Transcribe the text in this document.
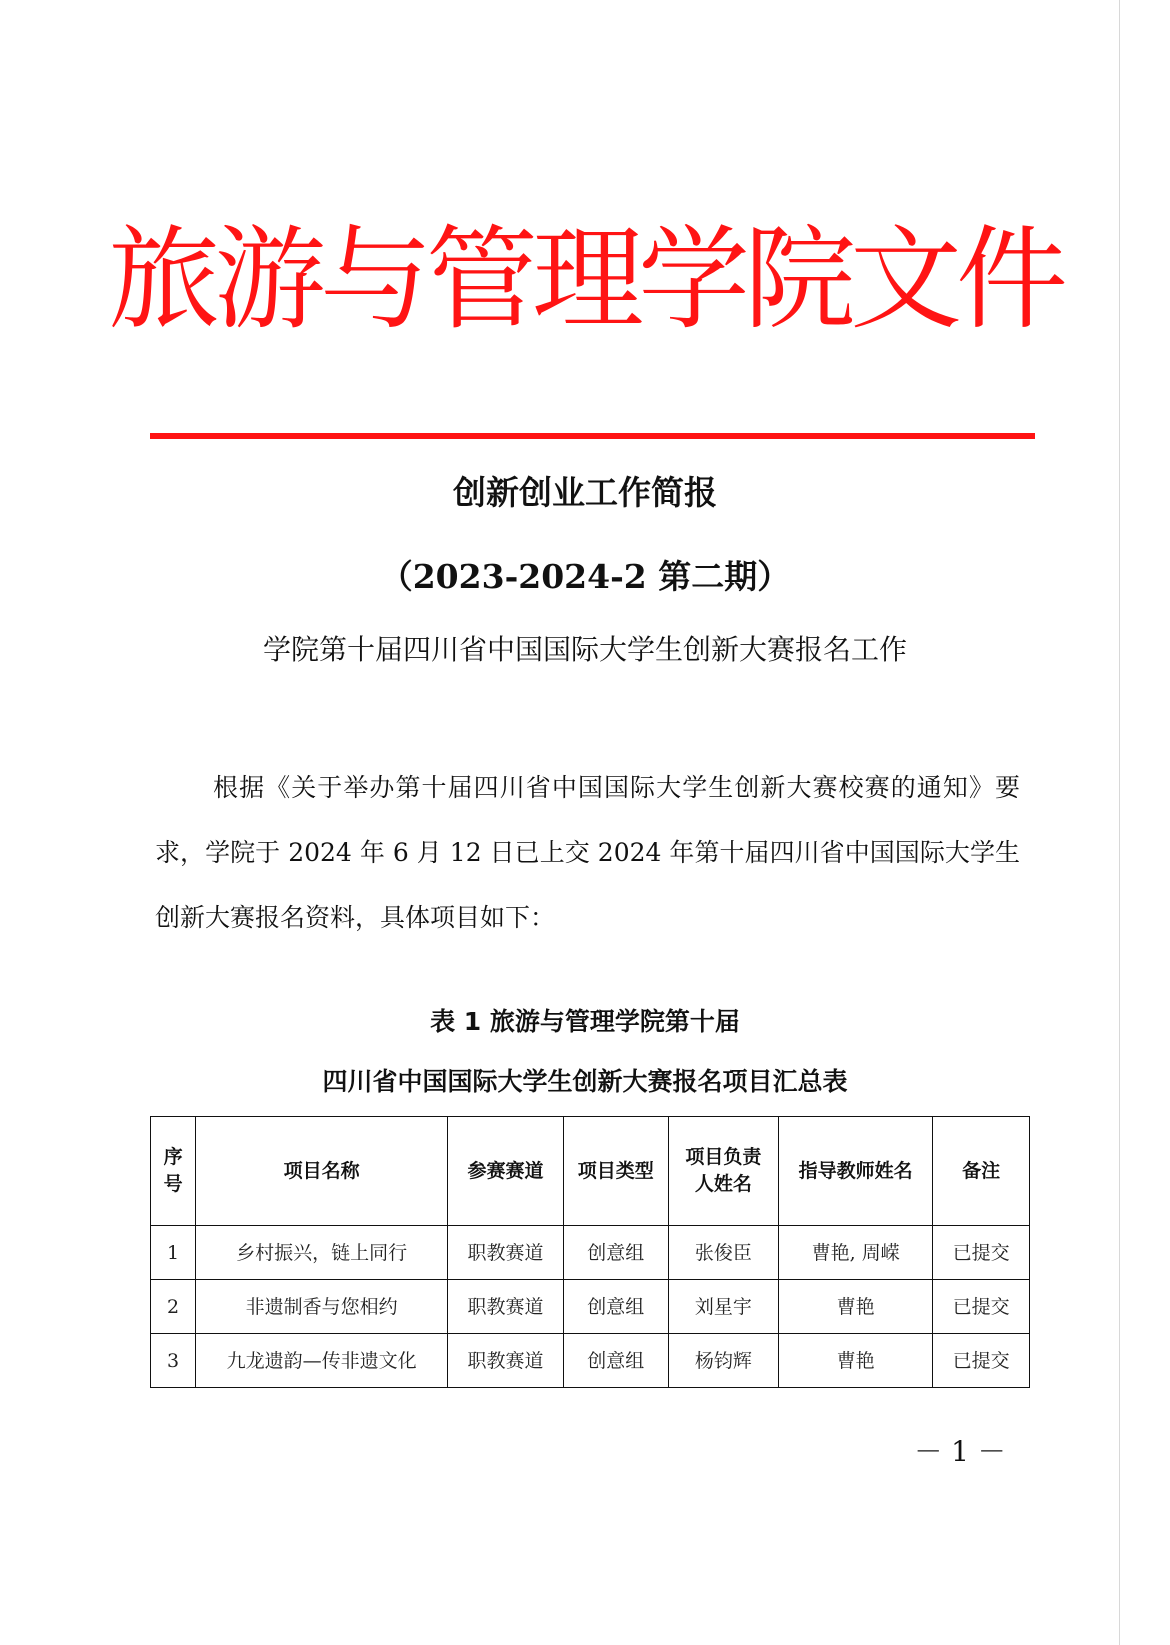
旅游与管理学院文件
创新创业工作简报
（2023-2024-2 第二期）
学院第十届四川省中国国际大学生创新大赛报名工作
根据《关于举办第十届四川省中国国际大学生创新大赛校赛的通知》要求，学院于 2024 年 6 月 12 日已上交 2024 年第十届四川省中国国际大学生创新大赛报名资料，具体项目如下：
表 1 旅游与管理学院第十届
四川省中国国际大学生创新大赛报名项目汇总表
序号	项目名称	参赛赛道	项目类型	项目负责人姓名	指导教师姓名	备注
1	乡村振兴，链上同行	职教赛道	创意组	张俊臣	曹艳, 周嵘	已提交
2	非遗制香与您相约	职教赛道	创意组	刘星宇	曹艳	已提交
3	九龙遗韵—传非遗文化	职教赛道	创意组	杨钧辉	曹艳	已提交
－ 1 －
